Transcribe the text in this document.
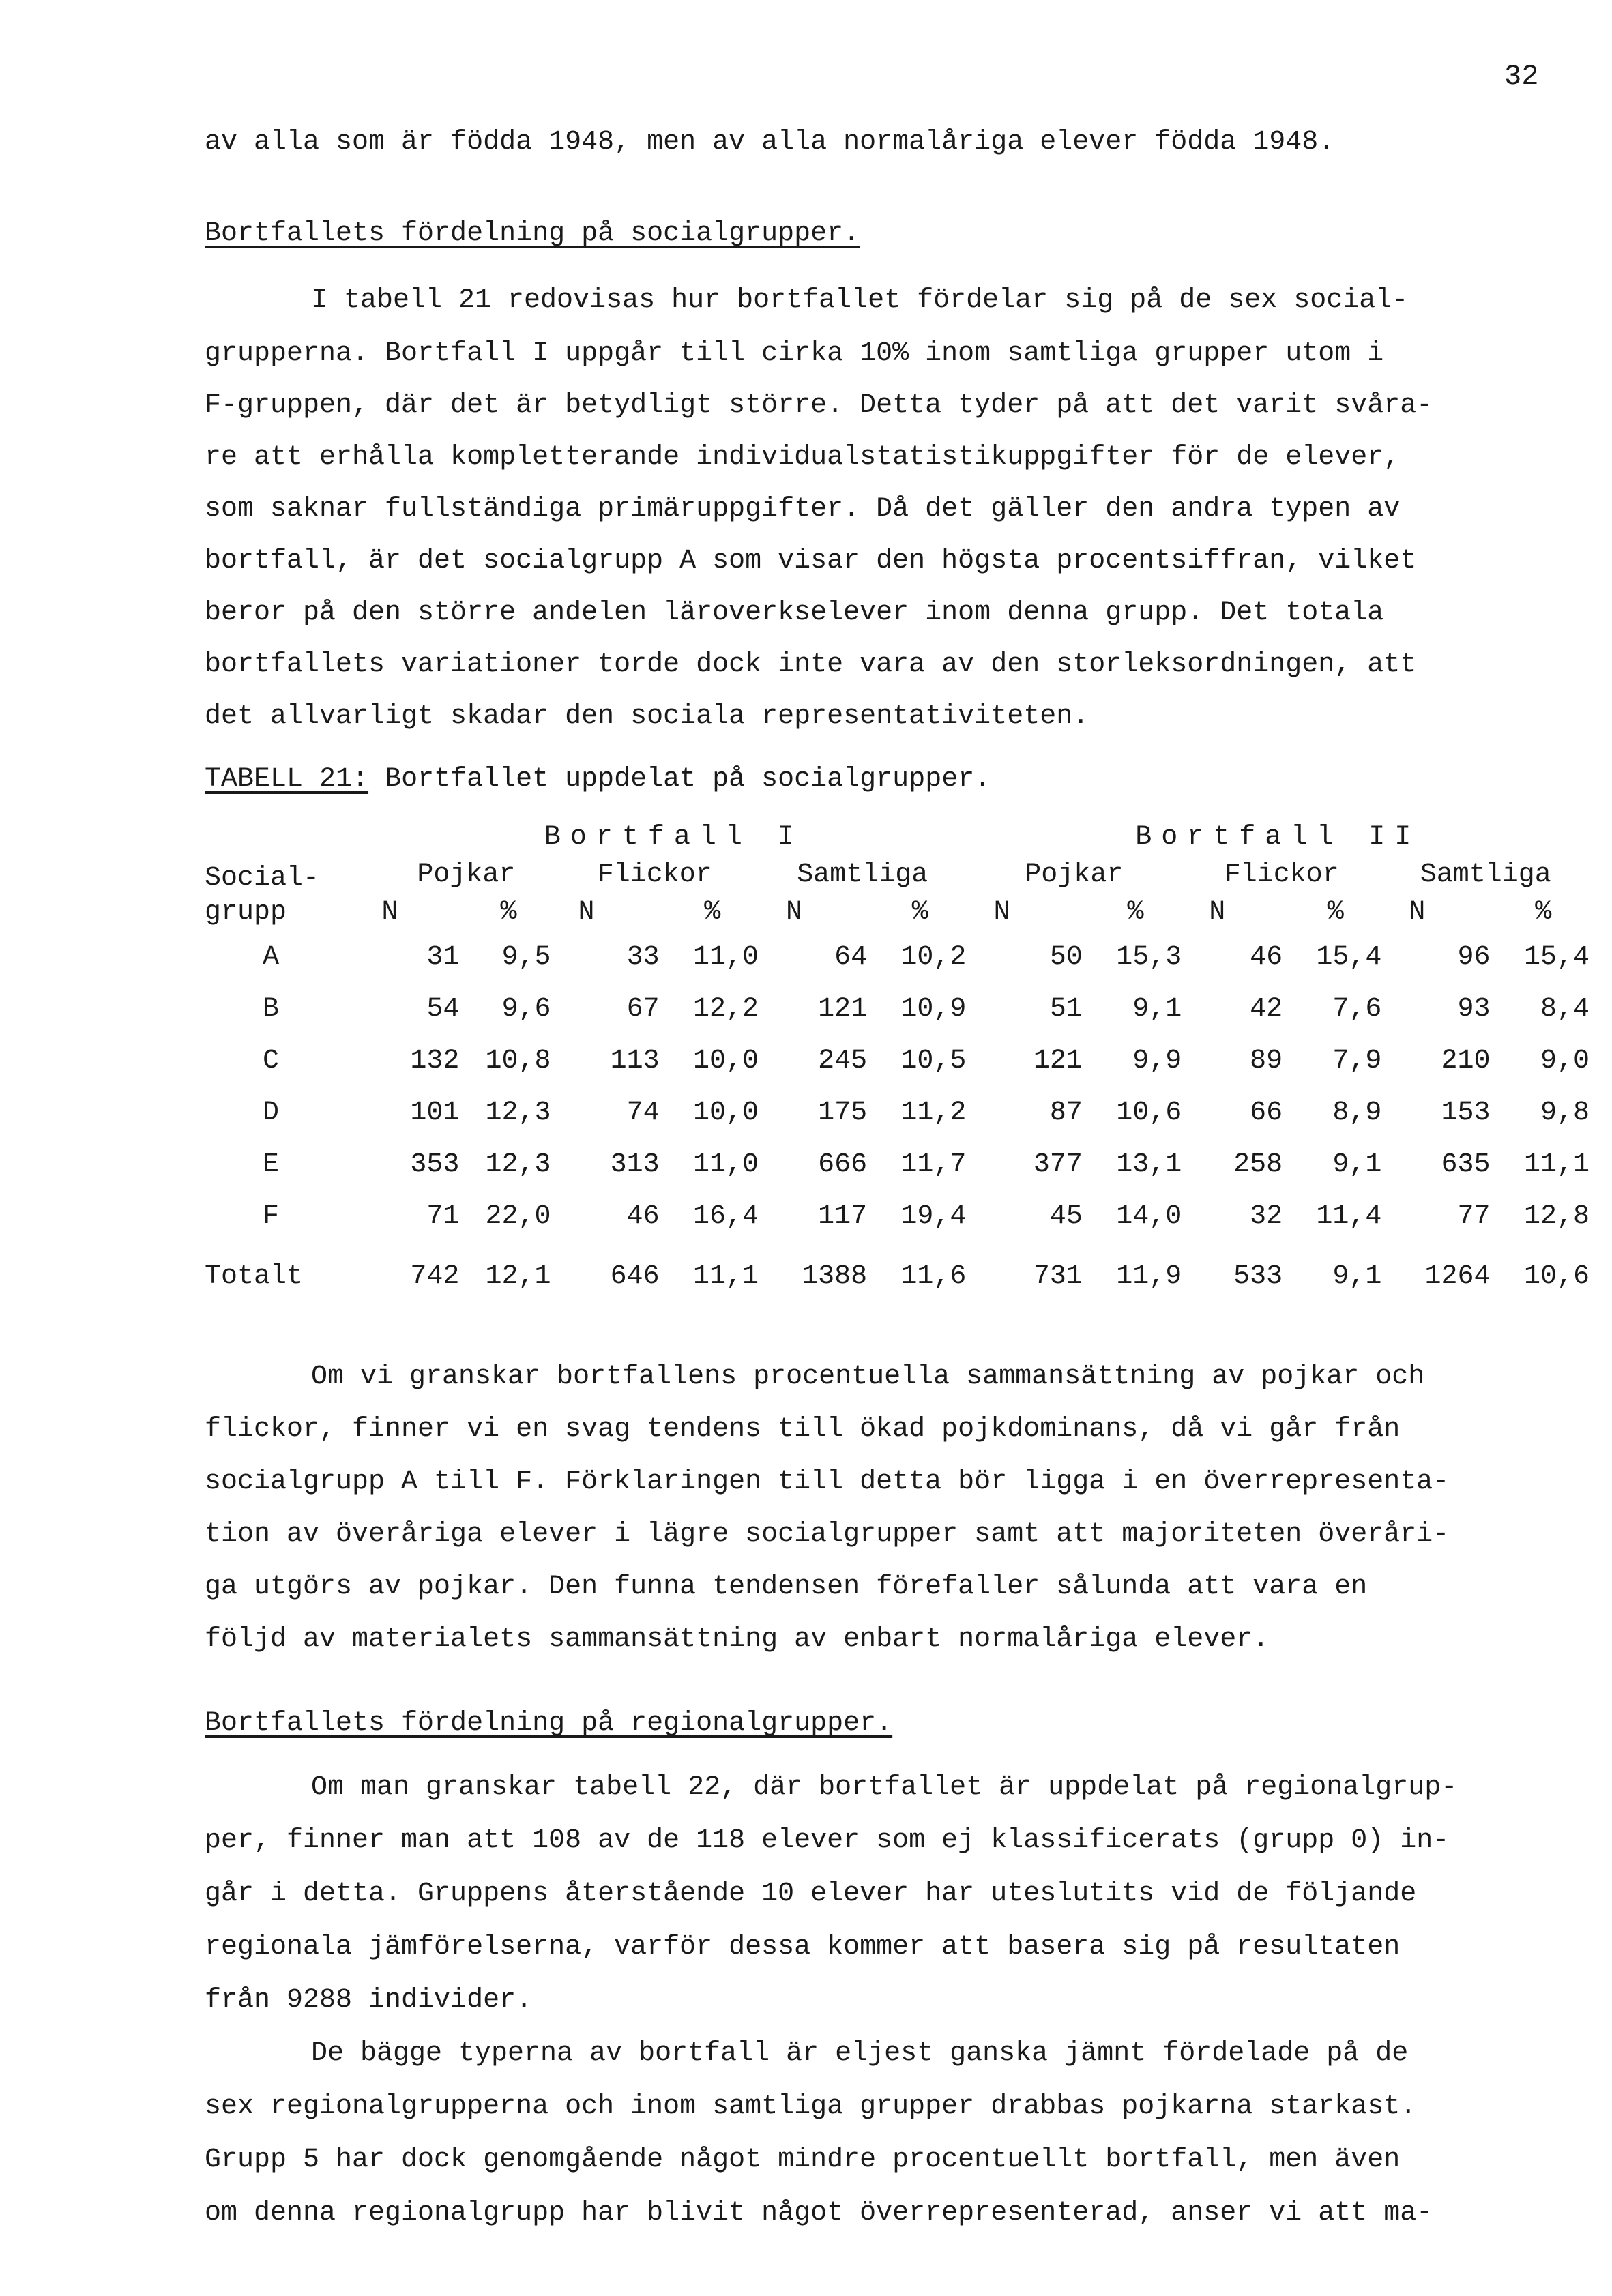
32
av alla som är födda 1948, men av alla normalåriga elever födda 1948.
Bortfallets fördelning på socialgrupper.
I tabell 21 redovisas hur bortfallet fördelar sig på de sex social-
grupperna. Bortfall I uppgår till cirka 10% inom samtliga grupper utom i
F-gruppen, där det är betydligt större. Detta tyder på att det varit svåra-
re att erhålla kompletterande individualstatistikuppgifter för de elever,
som saknar fullständiga primäruppgifter. Då det gäller den andra typen av
bortfall, är det socialgrupp A som visar den högsta procentsiffran, vilket
beror på den större andelen läroverkselever inom denna grupp. Det totala
bortfallets variationer torde dock inte vara av den storleksordningen, att
det allvarligt skadar den sociala representativiteten.
TABELL 21: Bortfallet uppdelat på socialgrupper.
Social-	Bortfall I						Bortfall II					
	Pojkar		Flickor		Samtliga		Pojkar		Flickor		Samtliga	
grupp	N	%	N	%	N	%	N	%	N	%	N	%
A	31	9,5	33	11,0	64	10,2	50	15,3	46	15,4	96	15,4
B	54	9,6	67	12,2	121	10,9	51	9,1	42	7,6	93	8,4
C	132	10,8	113	10,0	245	10,5	121	9,9	89	7,9	210	9,0
D	101	12,3	74	10,0	175	11,2	87	10,6	66	8,9	153	9,8
E	353	12,3	313	11,0	666	11,7	377	13,1	258	9,1	635	11,1
F	71	22,0	46	16,4	117	19,4	45	14,0	32	11,4	77	12,8
Totalt	742	12,1	646	11,1	1388	11,6	731	11,9	533	9,1	1264	10,6
Om vi granskar bortfallens procentuella sammansättning av pojkar och
flickor, finner vi en svag tendens till ökad pojkdominans, då vi går från
socialgrupp A till F. Förklaringen till detta bör ligga i en överrepresenta-
tion av överåriga elever i lägre socialgrupper samt att majoriteten överåri-
ga utgörs av pojkar. Den funna tendensen förefaller sålunda att vara en
följd av materialets sammansättning av enbart normalåriga elever.
Bortfallets fördelning på regionalgrupper.
Om man granskar tabell 22, där bortfallet är uppdelat på regionalgrup-
per, finner man att 108 av de 118 elever som ej klassificerats (grupp 0) in-
går i detta. Gruppens återstående 10 elever har uteslutits vid de följande
regionala jämförelserna, varför dessa kommer att basera sig på resultaten
från 9288 individer.
De bägge typerna av bortfall är eljest ganska jämnt fördelade på de
sex regionalgrupperna och inom samtliga grupper drabbas pojkarna starkast.
Grupp 5 har dock genomgående något mindre procentuellt bortfall, men även
om denna regionalgrupp har blivit något överrepresenterad, anser vi att ma-
